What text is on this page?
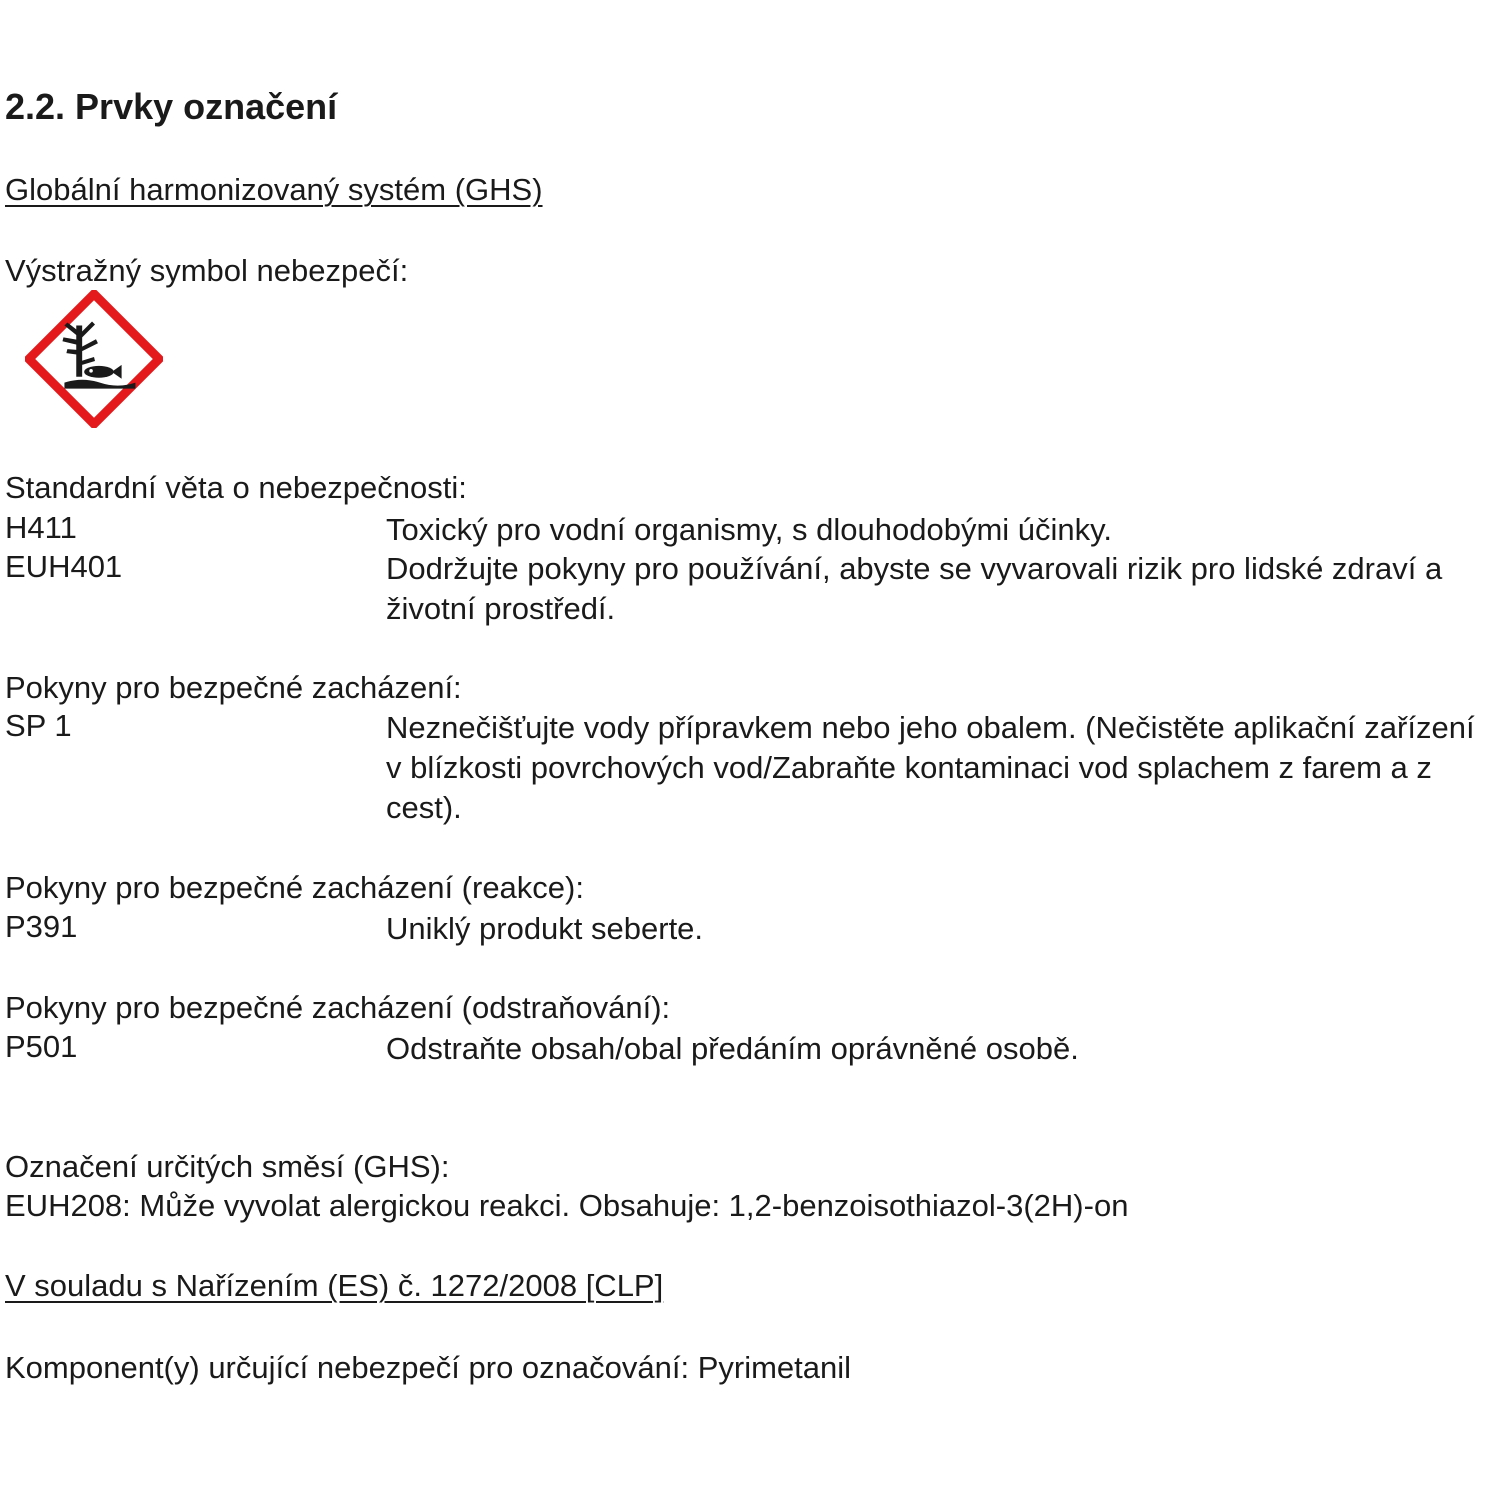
2.2. Prvky označení
Globální harmonizovaný systém (GHS)
Výstražný symbol nebezpečí:
Standardní věta o nebezpečnosti:
H411	Toxický pro vodní organismy, s dlouhodobými účinky.
EUH401	Dodržujte pokyny pro používání, abyste se vyvarovali rizik pro lidské zdraví a životní prostředí.
Pokyny pro bezpečné zacházení:
SP 1	Neznečišťujte vody přípravkem nebo jeho obalem. (Nečistěte aplikační zařízení v blízkosti povrchových vod/Zabraňte kontaminaci vod splachem z farem a z cest).
Pokyny pro bezpečné zacházení (reakce):
P391	Uniklý produkt seberte.
Pokyny pro bezpečné zacházení (odstraňování):
P501	Odstraňte obsah/obal předáním oprávněné osobě.
Označení určitých směsí (GHS):
EUH208: Může vyvolat alergickou reakci. Obsahuje: 1,2-benzoisothiazol-3(2H)-on
V souladu s Nařízením (ES) č. 1272/2008 [CLP]
Komponent(y) určující nebezpečí pro označování: Pyrimetanil
